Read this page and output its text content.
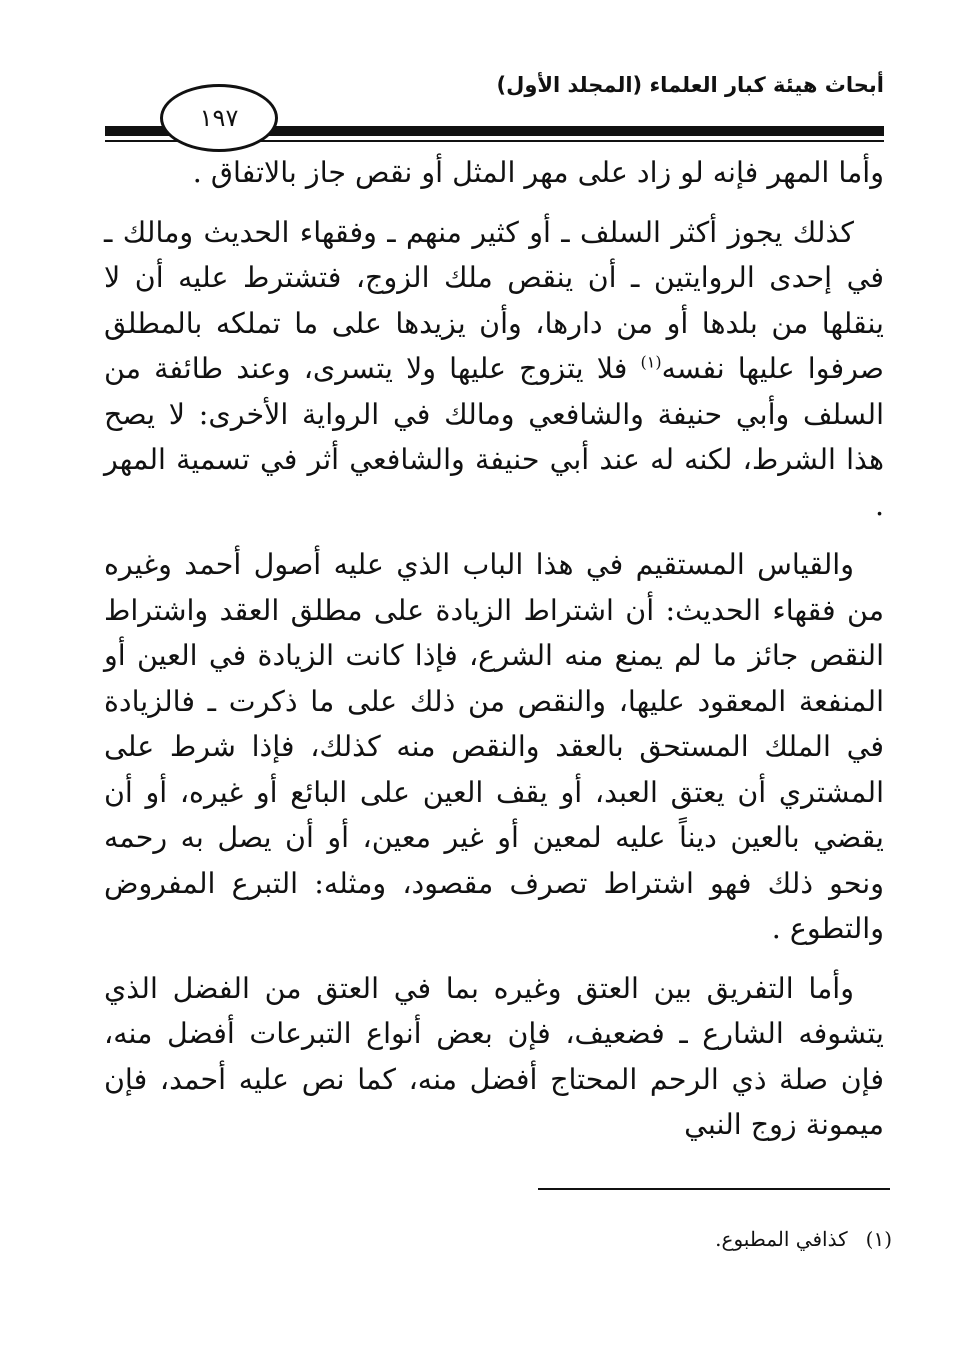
أبحاث هيئة كبار العلماء (المجلد الأول)
١٩٧

وأما المهر فإنه لو زاد على مهر المثل أو نقص جاز بالاتفاق .

كذلك يجوز أكثر السلف ـ أو كثير منهم ـ وفقهاء الحديث ومالك ـ في إحدى الروايتين ـ أن ينقص ملك الزوج، فتشترط عليه أن لا ينقلها من بلدها أو من دارها، وأن يزيدها على ما تملكه بالمطلق صرفوا عليها نفسه$^{(١)}$ فلا يتزوج عليها ولا يتسرى، وعند طائفة من السلف وأبي حنيفة والشافعي ومالك في الرواية الأخرى: لا يصح هذا الشرط، لكنه له عند أبي حنيفة والشافعي أثر في تسمية المهر .

والقياس المستقيم في هذا الباب الذي عليه أصول أحمد وغيره من فقهاء الحديث: أن اشتراط الزيادة على مطلق العقد واشتراط النقص جائز ما لم يمنع منه الشرع، فإذا كانت الزيادة في العين أو المنفعة المعقود عليها، والنقص من ذلك على ما ذكرت ـ فالزيادة في الملك المستحق بالعقد والنقص منه كذلك، فإذا شرط على المشتري أن يعتق العبد، أو يقف العين على البائع أو غيره، أو أن يقضي بالعين ديناً عليه لمعين أو غير معين، أو أن يصل به رحمه ونحو ذلك فهو اشتراط تصرف مقصود، ومثله: التبرع المفروض والتطوع .

وأما التفريق بين العتق وغيره بما في العتق من الفضل الذي يتشوفه الشارع ـ فضعيف، فإن بعض أنواع التبرعات أفضل منه، فإن صلة ذي الرحم المحتاج أفضل منه، كما نص عليه أحمد، فإن ميمونة زوج النبي

(١)كذافي المطبوع.
